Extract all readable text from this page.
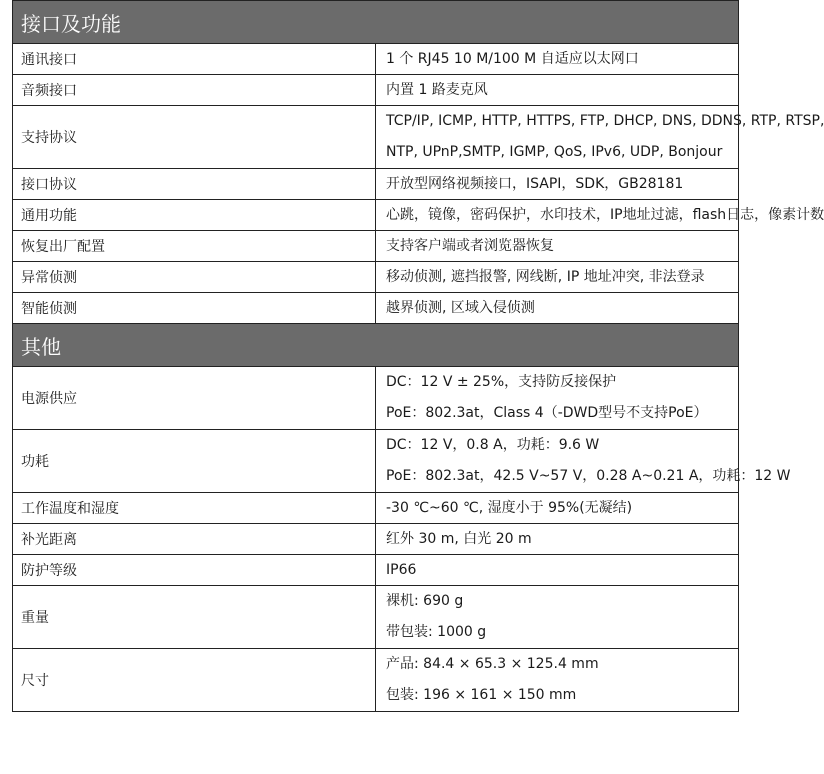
接口及功能	
通讯接口	1 个 RJ45 10 M/100 M 自适应以太网口

音频接口	内置 1 路麦克风

支持协议	TCP/IP, ICMP, HTTP, HTTPS, FTP, DHCP, DNS, DDNS, RTP, RTSP,
NTP, UPnP,SMTP, IGMP, QoS, IPv6, UDP, Bonjour

接口协议	开放型网络视频接口，ISAPI，SDK，GB28181

通用功能	心跳，镜像，密码保护，水印技术，IP地址过滤，flash日志，像素计数

恢复出厂配置	支持客户端或者浏览器恢复

异常侦测	移动侦测, 遮挡报警, 网线断, IP 地址冲突, 非法登录

智能侦测	越界侦测, 区域入侵侦测

其他	
电源供应	DC：12 V ± 25%，支持防反接保护
PoE：802.3at，Class 4（-DWD型号不支持PoE）

功耗	DC：12 V，0.8 A，功耗：9.6 W
PoE：802.3at，42.5 V~57 V，0.28 A~0.21 A，功耗：12 W

工作温度和湿度	-30 ℃~60 ℃, 湿度小于 95%(无凝结)

补光距离	红外 30 m, 白光 20 m

防护等级	IP66

重量	裸机: 690 g
带包装: 1000 g

尺寸	产品: 84.4 × 65.3 × 125.4 mm
包装: 196 × 161 × 150 mm
